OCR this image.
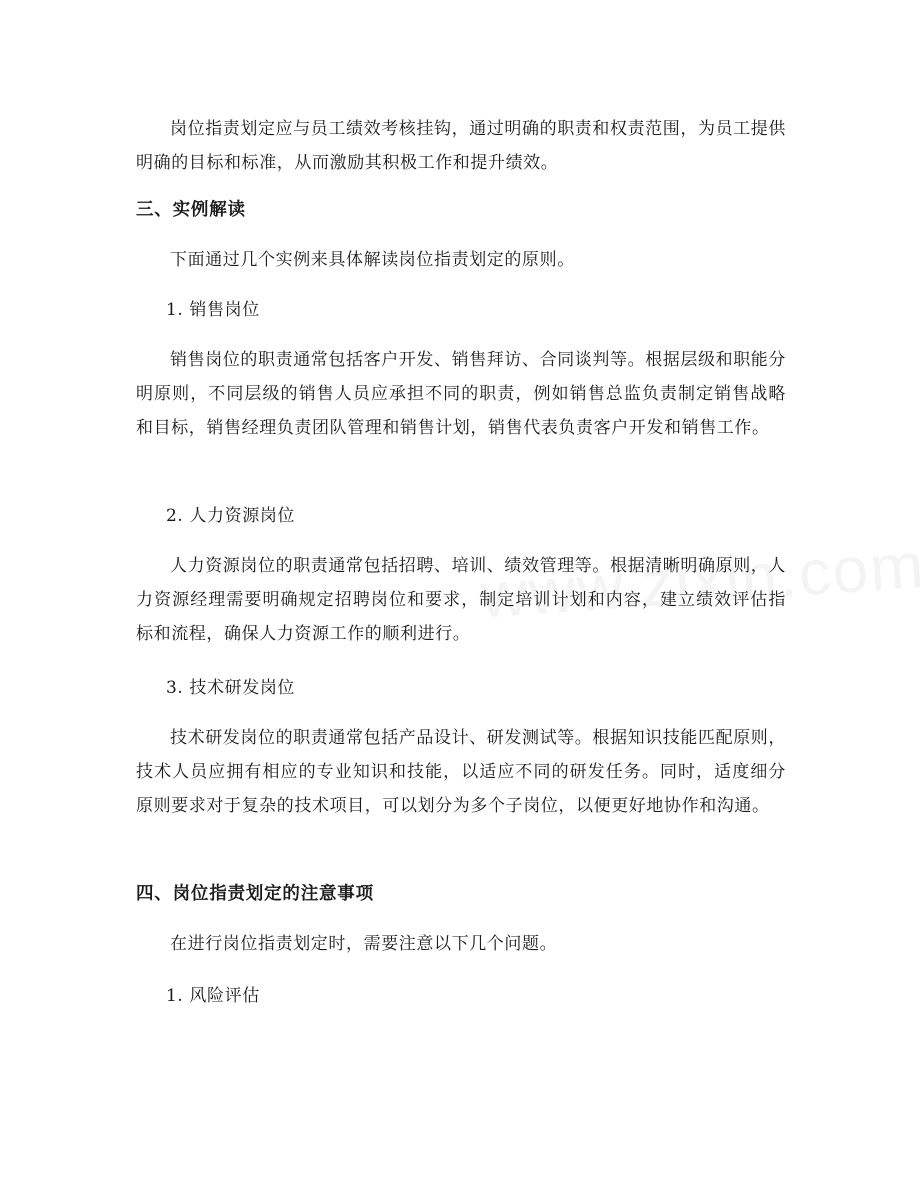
岗位指责划定应与员工绩效考核挂钩，通过明确的职责和权责范围，为员工提供明确的目标和标准，从而激励其积极工作和提升绩效。
三、实例解读
下面通过几个实例来具体解读岗位指责划定的原则。
1. 销售岗位
销售岗位的职责通常包括客户开发、销售拜访、合同谈判等。根据层级和职能分明原则，不同层级的销售人员应承担不同的职责，例如销售总监负责制定销售战略和目标，销售经理负责团队管理和销售计划，销售代表负责客户开发和销售工作。
2. 人力资源岗位
人力资源岗位的职责通常包括招聘、培训、绩效管理等。根据清晰明确原则，人力资源经理需要明确规定招聘岗位和要求，制定培训计划和内容，建立绩效评估指标和流程，确保人力资源工作的顺利进行。
3. 技术研发岗位
技术研发岗位的职责通常包括产品设计、研发测试等。根据知识技能匹配原则，技术人员应拥有相应的专业知识和技能，以适应不同的研发任务。同时，适度细分原则要求对于复杂的技术项目，可以划分为多个子岗位，以便更好地协作和沟通。
四、岗位指责划定的注意事项
在进行岗位指责划定时，需要注意以下几个问题。
1. 风险评估
